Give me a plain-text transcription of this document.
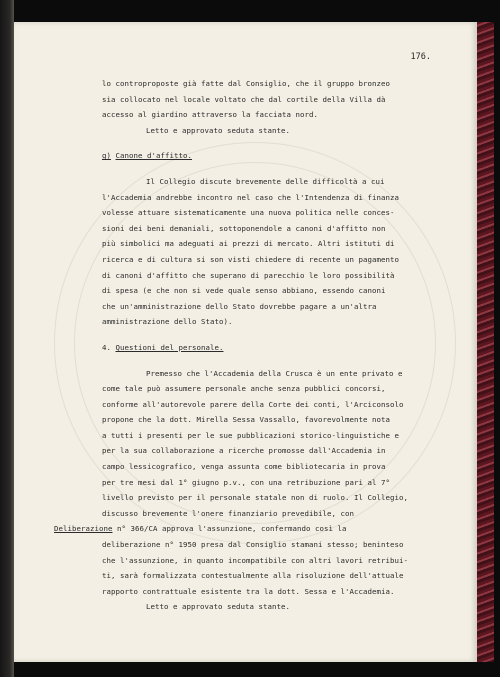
176.
lo controproposte già fatte dal Consiglio, che il gruppo bronzeo
sia collocato nel locale voltato che dal cortile della Villa dà
accesso al giardino attraverso la facciata nord.
Letto e approvato seduta stante.
g) Canone d'affitto.
Il Collegio discute brevemente delle difficoltà a cui
l'Accademia andrebbe incontro nel caso che l'Intendenza di finanza
volesse attuare sistematicamente una nuova politica nelle conces-
sioni dei beni demaniali, sottoponendole a canoni d'affitto non
più simbolici ma adeguati ai prezzi di mercato. Altri istituti di
ricerca e di cultura si son visti chiedere di recente un pagamento
di canoni d'affitto che superano di parecchio le loro possibilità
di spesa (e che non si vede quale senso abbiano, essendo canoni
che un'amministrazione dello Stato dovrebbe pagare a un'altra
amministrazione dello Stato).
4. Questioni del personale.
Premesso che l'Accademia della Crusca è un ente privato e
come tale può assumere personale anche senza pubblici concorsi,
conforme all'autorevole parere della Corte dei conti, l'Arciconsolo
propone che la dott. Mirella Sessa Vassallo, favorevolmente nota
a tutti i presenti per le sue pubblicazioni storico-linguistiche e
per la sua collaborazione a ricerche promosse dall'Accademia in
campo lessicografico, venga assunta come bibliotecaria in prova
per tre mesi dal 1° giugno p.v., con una retribuzione pari al 7°
livello previsto per il personale statale non di ruolo. Il Collegio,
discusso brevemente l'onere finanziario prevedibile, con
Deliberazione n° 366/CA approva l'assunzione, confermando così la
deliberazione n° 1950 presa dal Consiglio stamani stesso; beninteso
che l'assunzione, in quanto incompatibile con altri lavori retribui-
ti, sarà formalizzata contestualmente alla risoluzione dell'attuale
rapporto contrattuale esistente tra la dott. Sessa e l'Accademia.
Letto e approvato seduta stante.
